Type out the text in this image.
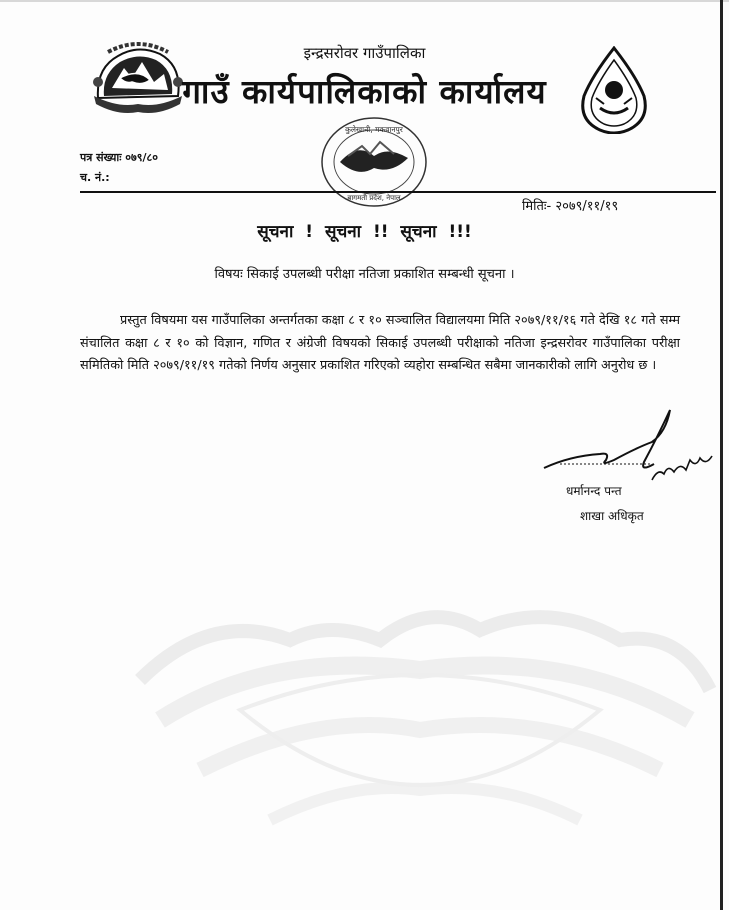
इन्द्रसरोवर गाउँपालिका
गाउँ कार्यपालिकाको कार्यालय
कुलेखानी, मकवानपुर
बागमती प्रदेश, नेपाल
पत्र संख्याः ०७९/८०
च. नं.:
मितिः- २०७९/११/१९
सूचना ! सूचना !! सूचना !!!
विषयः सिकाई उपलब्धी परीक्षा नतिजा प्रकाशित सम्बन्धी सूचना ।
प्रस्तुत विषयमा यस गाउँपालिका अन्तर्गतका कक्षा ८ र १० सञ्चालित विद्यालयमा मिति २०७९/११/१६ गते देखि १८ गते सम्म संचालित कक्षा ८ र १० को विज्ञान, गणित र अंग्रेजी विषयको सिकाई उपलब्धी परीक्षाको नतिजा इन्द्रसरोवर गाउँपालिका परीक्षा समितिको मिति २०७९/११/१९ गतेको निर्णय अनुसार प्रकाशित गरिएको व्यहोरा सम्बन्धित सबैमा जानकारीको लागि अनुरोध छ ।
धर्मानन्द पन्त
शाखा अधिकृत
